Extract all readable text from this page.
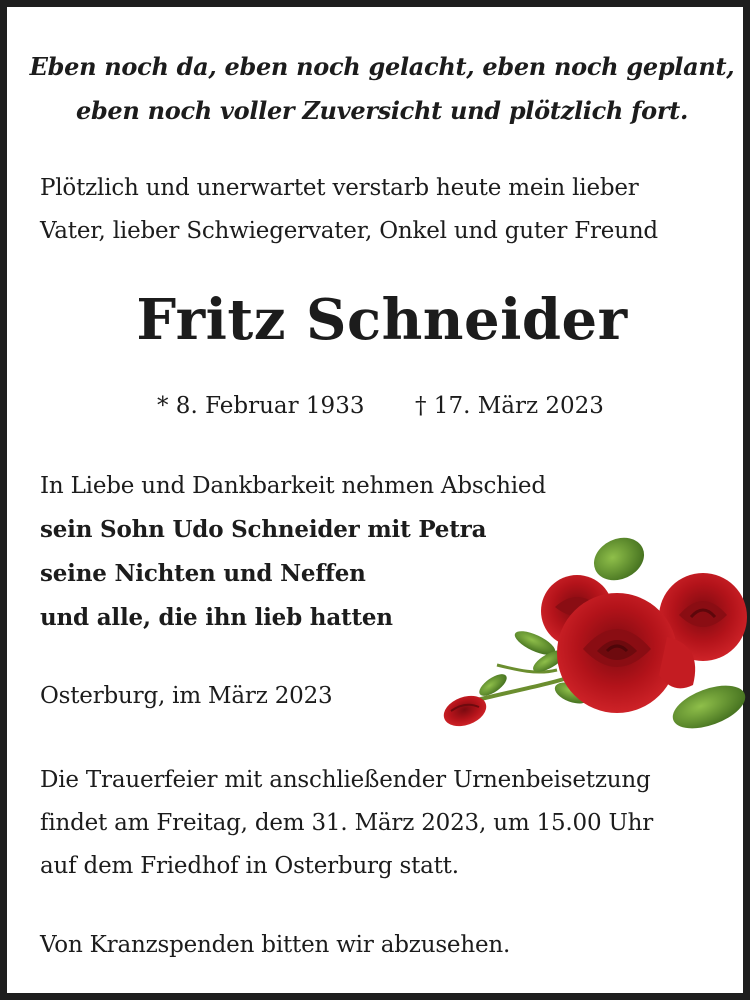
Eben noch da, eben noch gelacht, eben noch geplant,
eben noch voller Zuversicht und plötzlich fort.
Plötzlich und unerwartet verstarb heute mein lieber
Vater, lieber Schwiegervater, Onkel und guter Freund
Fritz Schneider
* 8. Februar 1933 † 17. März 2023
In Liebe und Dankbarkeit nehmen Abschied
sein Sohn Udo Schneider mit Petra
seine Nichten und Neffen
und alle, die ihn lieb hatten
Osterburg, im März 2023
Die Trauerfeier mit anschließender Urnenbeisetzung
findet am Freitag, dem 31. März 2023, um 15.00 Uhr
auf dem Friedhof in Osterburg statt.
Von Kranzspenden bitten wir abzusehen.
